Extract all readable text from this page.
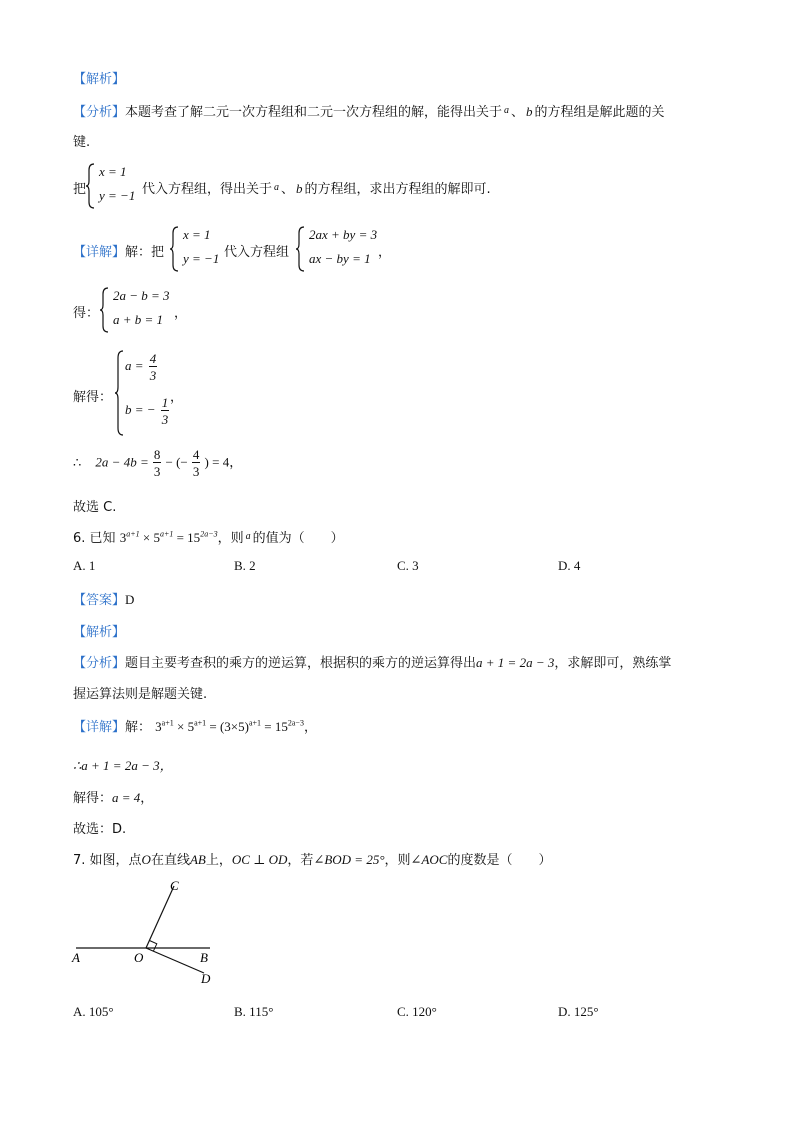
【解析】
【分析】本题考查了解二元一次方程组和二元一次方程组的解，能得出关于 $^a$ 、 b 的方程组是解此题的关
键.
把
x = 1
y = −1 代入方程组，得出关于 $^a$ 、 b 的方程组，求出方程组的解即可.
【详解】解：把
x = 1
y = −1 代入方程组
2ax + by = 3
ax − by = 1 ，
得：
2a − b = 3
a + b = 1 ，
解得：
$a = \frac{4}{3}$
b = − $\frac{1}{3}$ ，
∴ $2a - 4b = \frac{8}{3}$ − (− $\frac{4}{3}$ ) = 4，
故选 C.
6. 已知 $3^{a+1} \times 5^{a+1} = 15^{2a-3}$，则 $^a$ 的值为（　　）
A. 1	B. 2	C. 3	D. 4
【答案】D
【解析】
【分析】题目主要考查积的乘方的逆运算，根据积的乘方的逆运算得出a + 1 = 2a − 3，求解即可，熟练掌
握运算法则是解题关键.
【详解】解： $3^{a+1} \times 5^{a+1} = (3\times 5)^{a+1} = 15^{2a-3}$，
∴a + 1 = 2a − 3，
解得：a = 4，
故选：D.
7. 如图，点O在直线AB上，OC ⊥ OD，若∠BOD = 25°，则∠AOC的度数是（　　）
A	O	B
C
D
A. 105°	B. 115°	C. 120°	D. 125°
